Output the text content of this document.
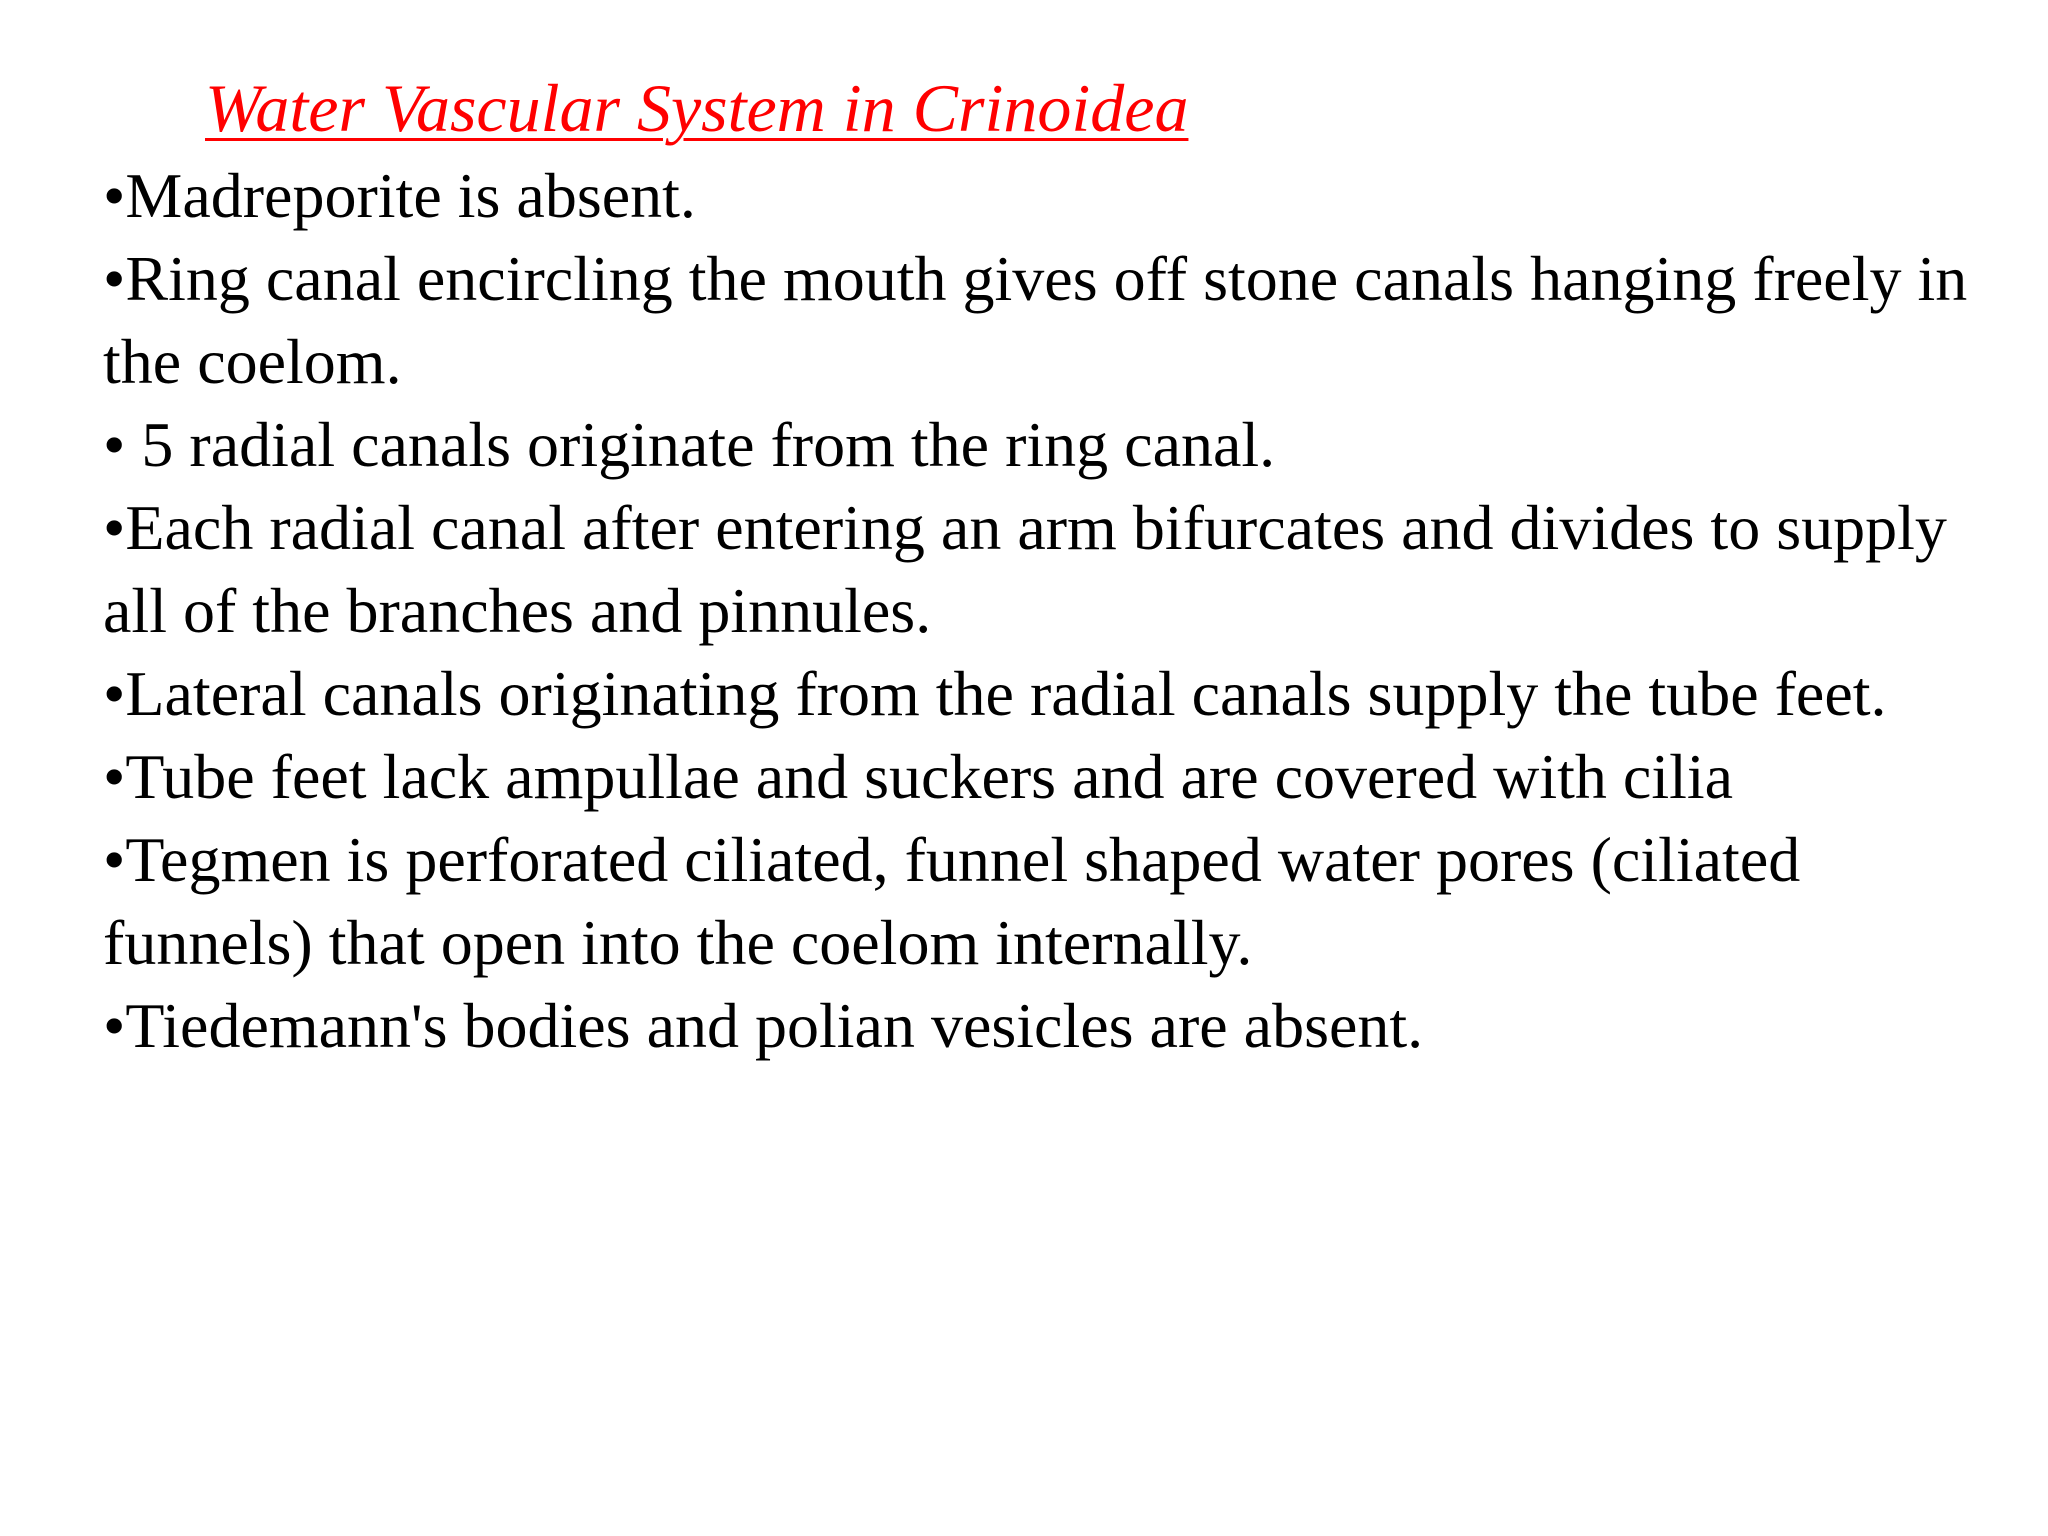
Water Vascular System in Crinoidea
•Madreporite is absent.
•Ring canal encircling the mouth gives off stone canals hanging freely in the coelom.
• 5 radial canals originate from the ring canal.
•Each radial canal after entering an arm bifurcates and divides to supply all of the branches and pinnules.
•Lateral canals originating from the radial canals supply the tube feet.
•Tube feet lack ampullae and suckers and are covered with cilia
•Tegmen is perforated ciliated, funnel shaped water pores (ciliated funnels) that open into the coelom internally.
•Tiedemann's bodies and polian vesicles are absent.
